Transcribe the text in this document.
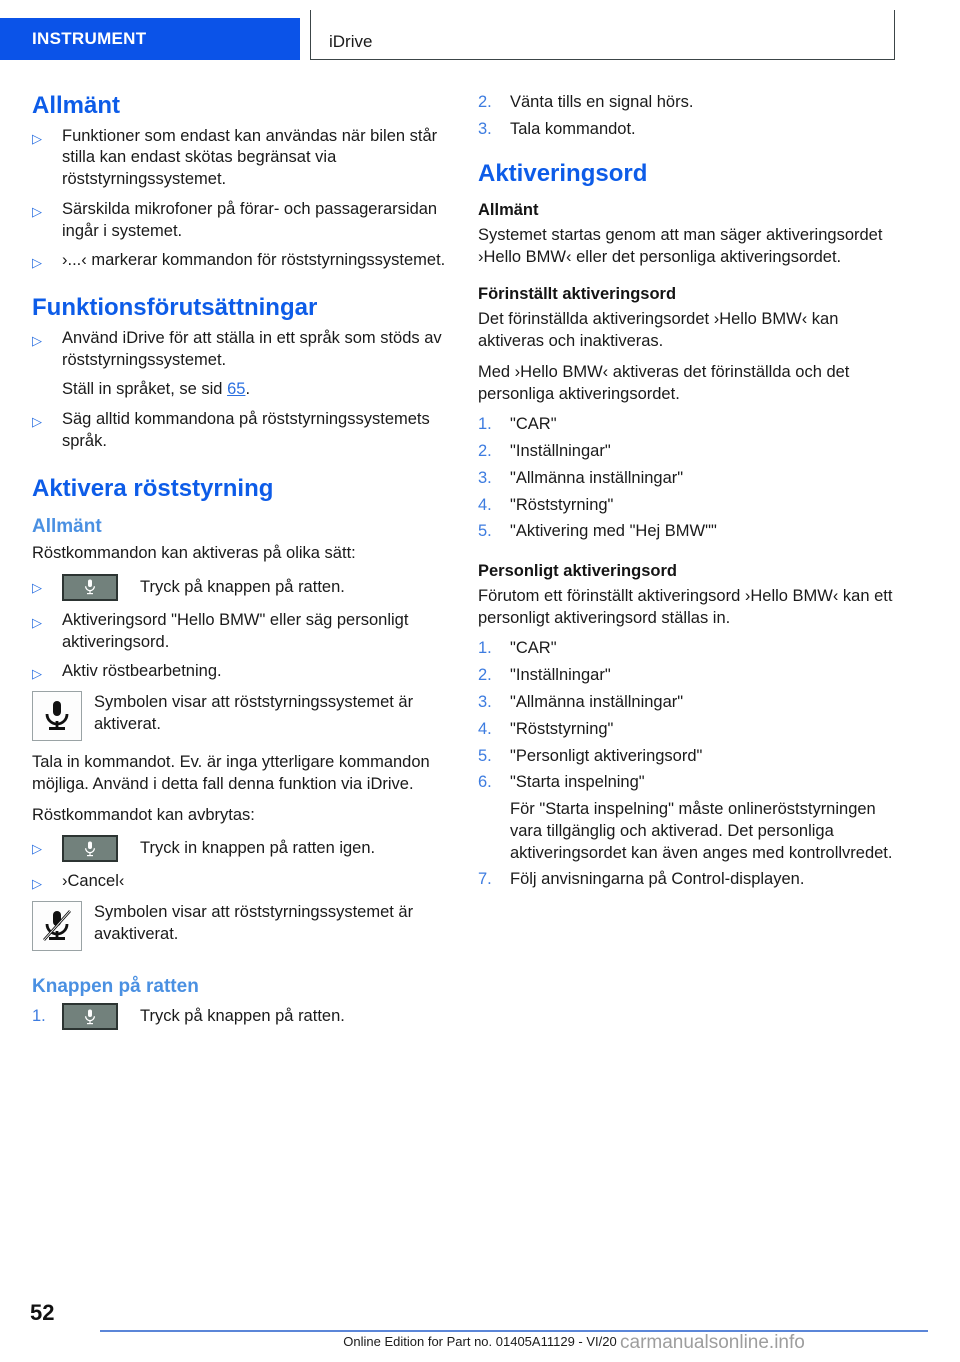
INSTRUMENT	iDrive
Allmänt
▷	Funktioner som endast kan användas när bilen står stilla kan endast skötas begränsat via röststyrningssystemet.
▷	Särskilda mikrofoner på förar- och passagerarsidan ingår i systemet.
▷	›...‹ markerar kommandon för röststyrningssystemet.
Funktionsförutsättningar
▷	Använd iDrive för att ställa in ett språk som stöds av röststyrningssystemet.
Ställ in språket, se sid 65.
▷	Säg alltid kommandona på röststyrningssystemets språk.
Aktivera röststyrning
Allmänt

Röstkommandon kan aktiveras på olika sätt:

▷	Tryck på knappen på ratten.
▷	Aktiveringsord "Hello BMW" eller säg personligt aktiveringsord.
▷	Aktiv röstbearbetning.
Symbolen visar att röststyrningssystemet är aktiverat.

Tala in kommandot. Ev. är inga ytterligare kommandon möjliga. Använd i detta fall denna funktion via iDrive.

Röstkommandot kan avbrytas:

▷	Tryck in knappen på ratten igen.
▷	›Cancel‹
Symbolen visar att röststyrningssystemet är avaktiverat.
Knappen på ratten
1.	Tryck på knappen på ratten.
2.	Vänta tills en signal hörs.
3.	Tala kommandot.
Aktiveringsord
Allmänt

Systemet startas genom att man säger aktiveringsordet ›Hello BMW‹ eller det personliga aktiveringsordet.

Förinställt aktiveringsord

Det förinställda aktiveringsordet ›Hello BMW‹ kan aktiveras och inaktiveras.

Med ›Hello BMW‹ aktiveras det förinställda och det personliga aktiveringsordet.

1.	"CAR"
2.	"Inställningar"
3.	"Allmänna inställningar"
4.	"Röststyrning"
5.	"Aktivering med "Hej BMW""
Personligt aktiveringsord

Förutom ett förinställt aktiveringsord ›Hello BMW‹ kan ett personligt aktiveringsord ställas in.

1.	"CAR"
2.	"Inställningar"
3.	"Allmänna inställningar"
4.	"Röststyrning"
5.	"Personligt aktiveringsord"
6.	"Starta inspelning"
För "Starta inspelning" måste onlineröststyrningen vara tillgänglig och aktiverad. Det personliga aktiveringsordet kan även anges med kontrollvredet.
7.	Följ anvisningarna på Control-displayen.
52
Online Edition for Part no. 01405A11129 - VI/20 carmanualsonline.info
